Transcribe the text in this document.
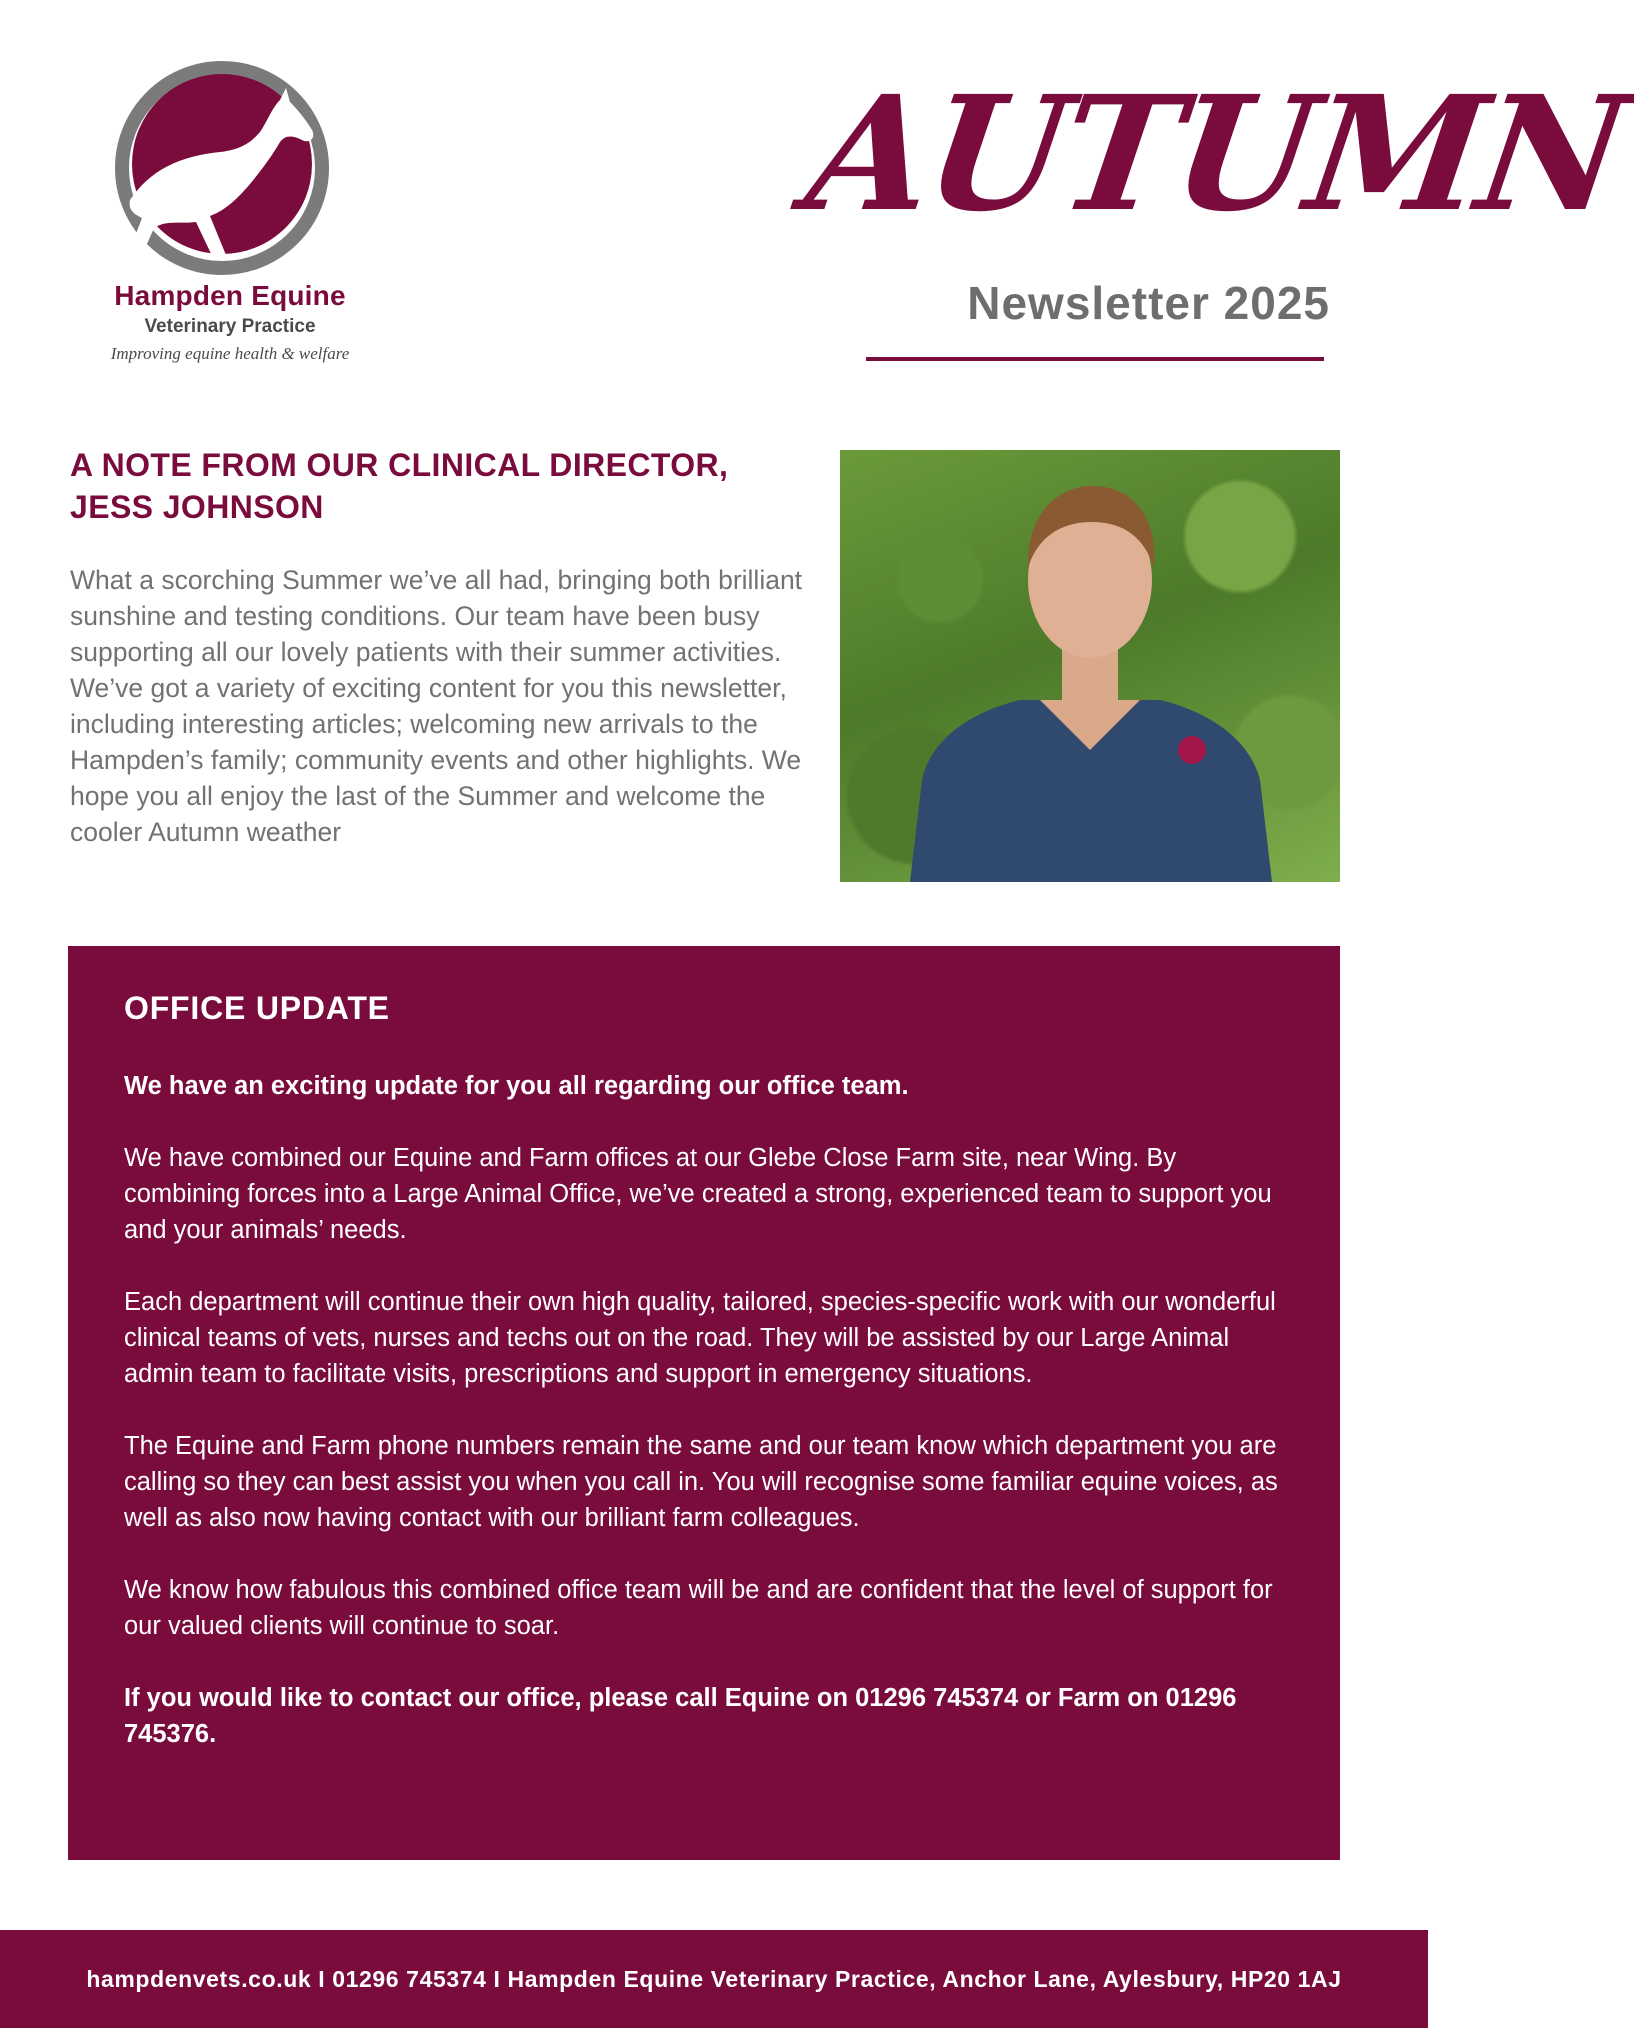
Hampden Equine
Veterinary Practice
Improving equine health & welfare
AUTUMN
Newsletter 2025
A NOTE FROM OUR CLINICAL DIRECTOR, JESS JOHNSON
What a scorching Summer we’ve all had, bringing both brilliant sunshine and testing conditions. Our team have been busy supporting all our lovely patients with their summer activities. We’ve got a variety of exciting content for you this newsletter, including interesting articles; welcoming new arrivals to the Hampden’s family; community events and other highlights. We hope you all enjoy the last of the Summer and welcome the cooler Autumn weather
OFFICE UPDATE

We have an exciting update for you all regarding our office team.

We have combined our Equine and Farm offices at our Glebe Close Farm site, near Wing. By combining forces into a Large Animal Office, we’ve created a strong, experienced team to support you and your animals’ needs.

Each department will continue their own high quality, tailored, species-specific work with our wonderful clinical teams of vets, nurses and techs out on the road. They will be assisted by our Large Animal admin team to facilitate visits, prescriptions and support in emergency situations.

The Equine and Farm phone numbers remain the same and our team know which department you are calling so they can best assist you when you call in. You will recognise some familiar equine voices, as well as also now having contact with our brilliant farm colleagues.

We know how fabulous this combined office team will be and are confident that the level of support for our valued clients will continue to soar.

If you would like to contact our office, please call Equine on 01296 745374 or Farm on 01296 745376.

hampdenvets.co.uk I 01296 745374 I Hampden Equine Veterinary Practice, Anchor Lane, Aylesbury, HP20 1AJ
